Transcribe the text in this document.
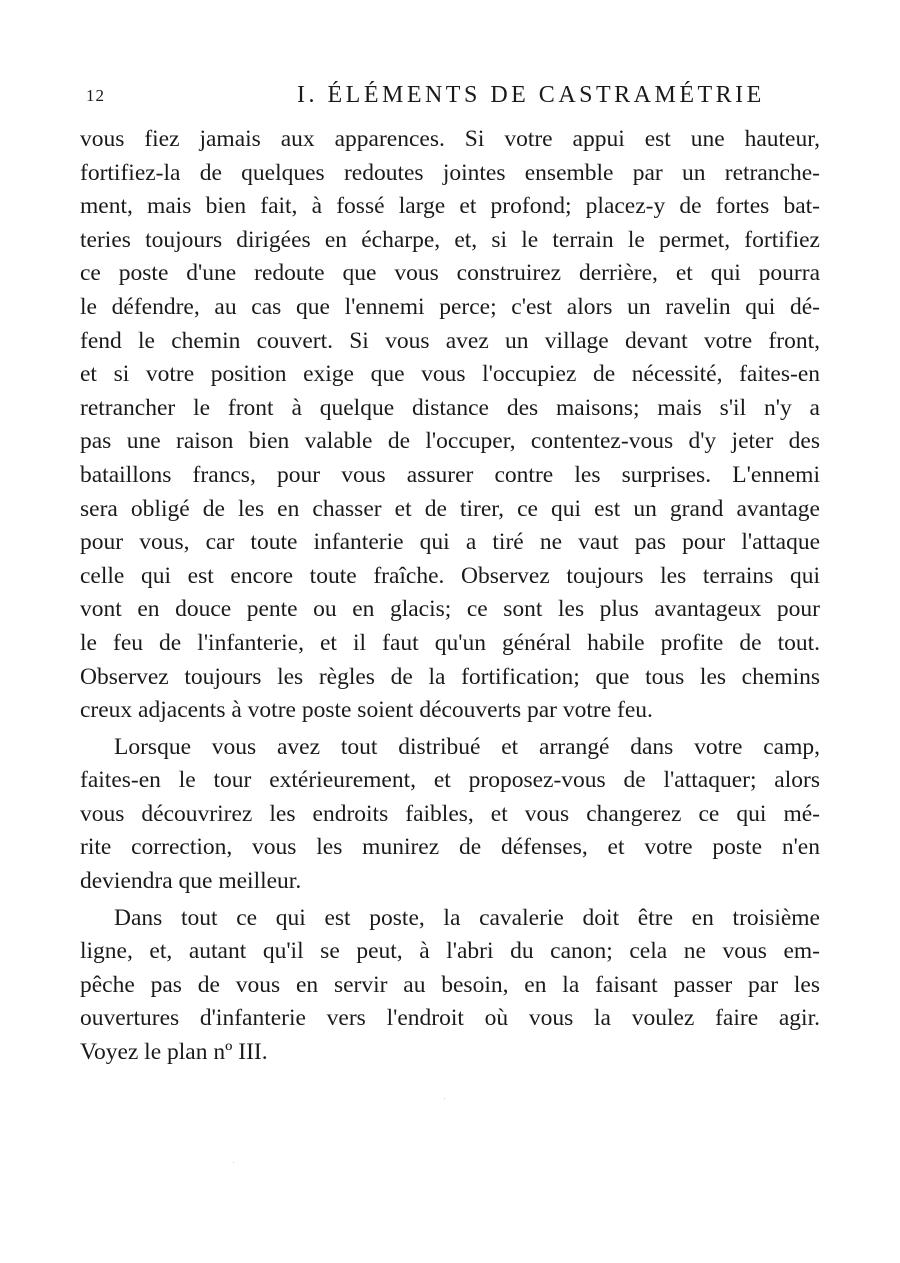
12	I. ÉLÉMENTS DE CASTRAMÉTRIE
vous fiez jamais aux apparences. Si votre appui est une hauteur,
fortifiez-la de quelques redoutes jointes ensemble par un retranche-
ment, mais bien fait, à fossé large et profond; placez-y de fortes bat-
teries toujours dirigées en écharpe, et, si le terrain le permet, fortifiez
ce poste d'une redoute que vous construirez derrière, et qui pourra
le défendre, au cas que l'ennemi perce; c'est alors un ravelin qui dé-
fend le chemin couvert. Si vous avez un village devant votre front,
et si votre position exige que vous l'occupiez de nécessité, faites-en
retrancher le front à quelque distance des maisons; mais s'il n'y a
pas une raison bien valable de l'occuper, contentez-vous d'y jeter des
bataillons francs, pour vous assurer contre les surprises. L'ennemi
sera obligé de les en chasser et de tirer, ce qui est un grand avantage
pour vous, car toute infanterie qui a tiré ne vaut pas pour l'attaque
celle qui est encore toute fraîche. Observez toujours les terrains qui
vont en douce pente ou en glacis; ce sont les plus avantageux pour
le feu de l'infanterie, et il faut qu'un général habile profite de tout.
Observez toujours les règles de la fortification; que tous les chemins
creux adjacents à votre poste soient découverts par votre feu.
Lorsque vous avez tout distribué et arrangé dans votre camp,
faites-en le tour extérieurement, et proposez-vous de l'attaquer; alors
vous découvrirez les endroits faibles, et vous changerez ce qui mé-
rite correction, vous les munirez de défenses, et votre poste n'en
deviendra que meilleur.
Dans tout ce qui est poste, la cavalerie doit être en troisième
ligne, et, autant qu'il se peut, à l'abri du canon; cela ne vous em-
pêche pas de vous en servir au besoin, en la faisant passer par les
ouvertures d'infanterie vers l'endroit où vous la voulez faire agir.
Voyez le plan nº III.
